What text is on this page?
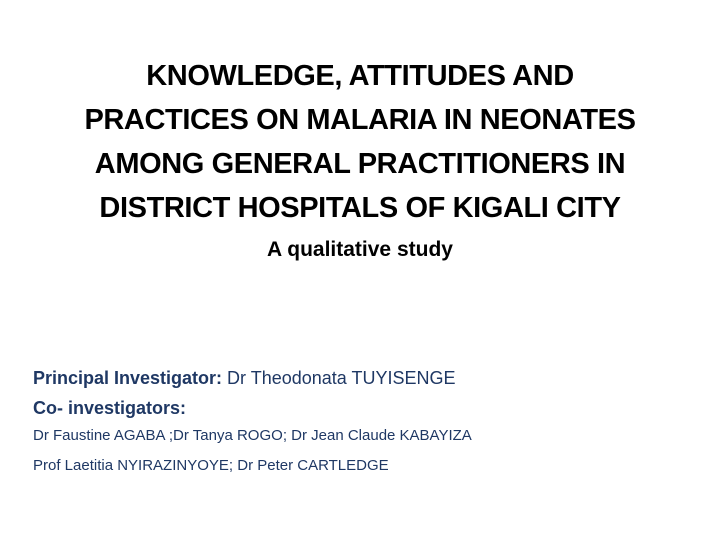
KNOWLEDGE, ATTITUDES AND
PRACTICES ON MALARIA IN NEONATES
AMONG GENERAL PRACTITIONERS IN
DISTRICT HOSPITALS OF KIGALI CITY
A qualitative study
Principal Investigator: Dr Theodonata TUYISENGE
Co- investigators:
Dr Faustine AGABA ;Dr Tanya ROGO; Dr Jean Claude KABAYIZA
Prof Laetitia NYIRAZINYOYE; Dr Peter CARTLEDGE
